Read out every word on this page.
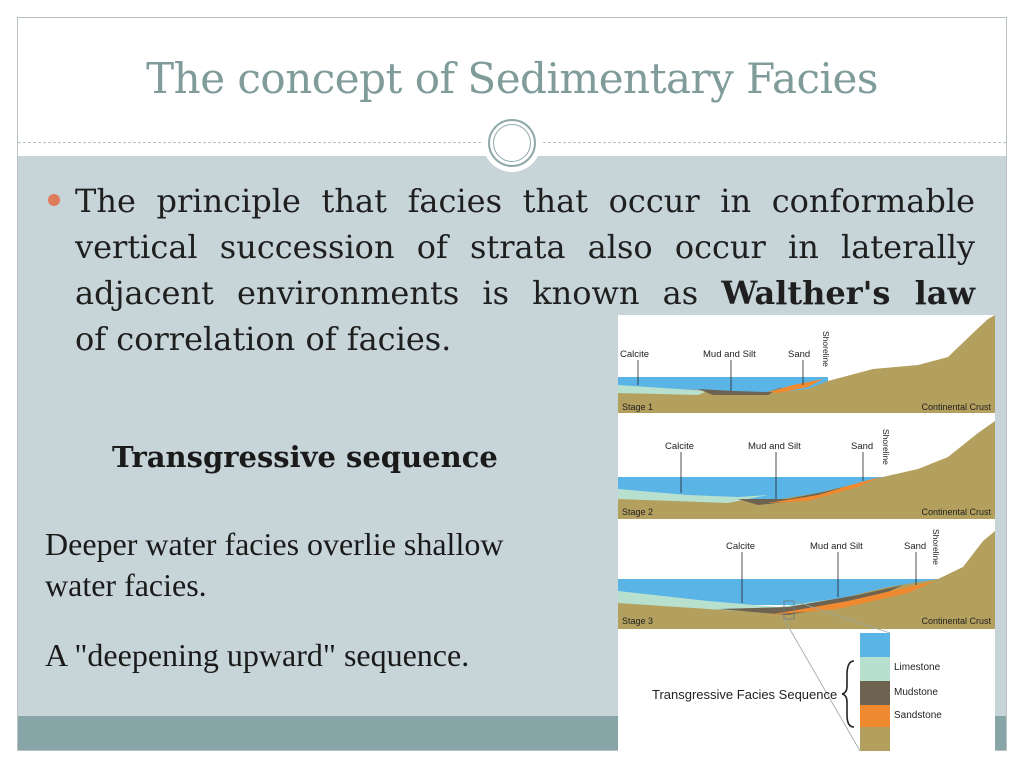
The concept of Sedimentary Facies
The principle that facies that occur in conformable
vertical succession of strata also occur in laterally
adjacent environments is known as Walther's law
of correlation of facies.
Transgressive sequence

Deeper water facies overlie shallow
water facies.

A "deepening upward" sequence.

Calcite	Mud and Silt	Sand Shoreline
Stage 1	Continental Crust
Calcite	Mud and Silt	Sand Shoreline
Stage 2	Continental Crust
Calcite	Mud and Silt	Sand Shoreline
Stage 3	Continental Crust
Transgressive Facies Sequence
Limestone
Mudstone
Sandstone
